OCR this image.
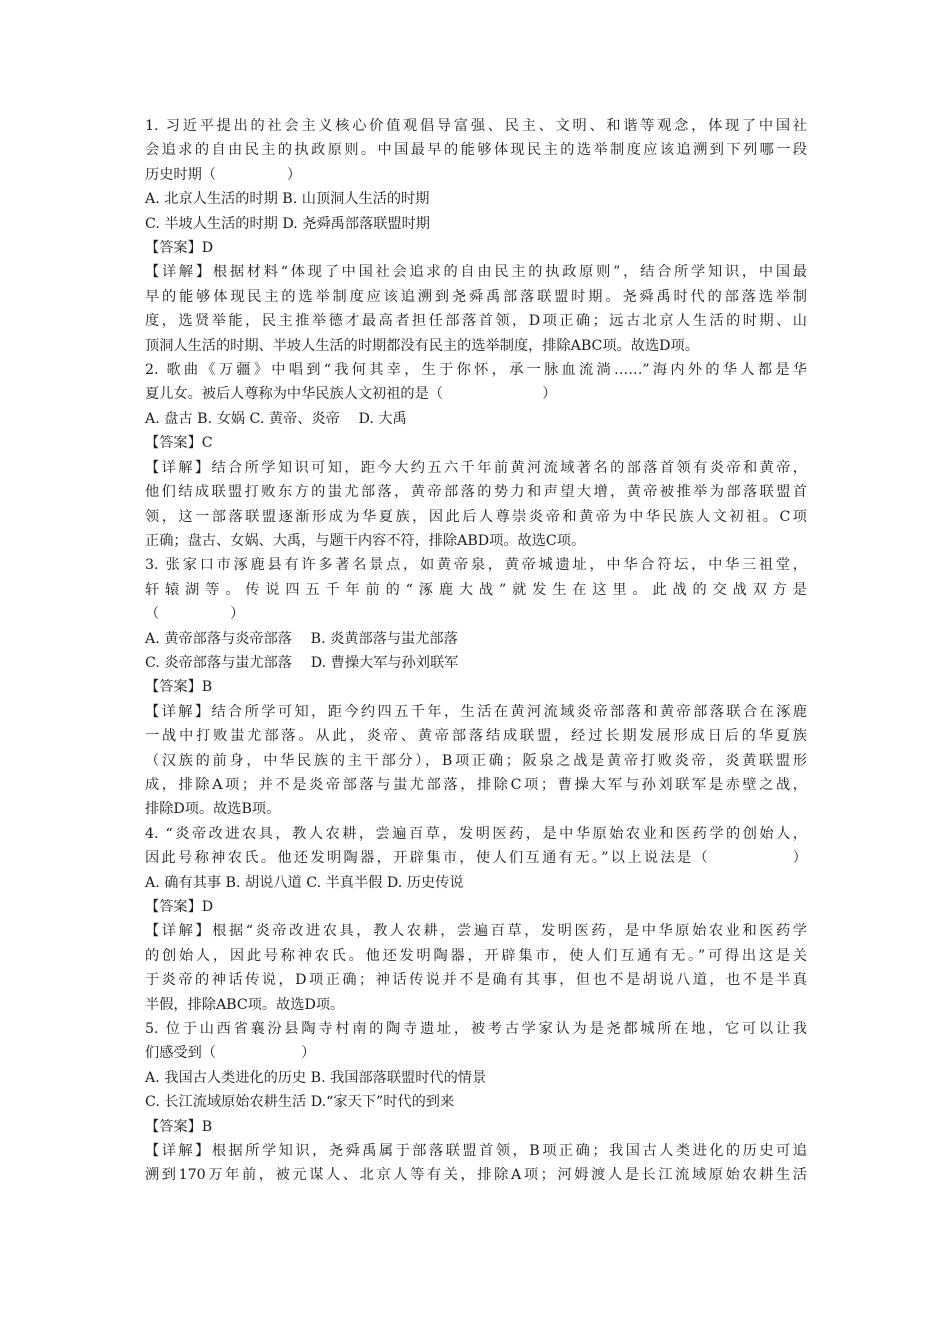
1. 习近平提出的社会主义核心价值观倡导富强、民主、文明、和谐等观念，体现了中国社

会追求的自由民主的执政原则。中国最早的能够体现民主的选举制度应该追溯到下列哪一段

历史时期（　　　　　）

A. 北京人生活的时期 B. 山顶洞人生活的时期

C. 半坡人生活的时期 D. 尧舜禹部落联盟时期

【答案】D

【详解】根据材料“体现了中国社会追求的自由民主的执政原则”，结合所学知识，中国最

早的能够体现民主的选举制度应该追溯到尧舜禹部落联盟时期。尧舜禹时代的部落选举制

度，选贤举能，民主推举德才最高者担任部落首领，D项正确；远古北京人生活的时期、山

顶洞人生活的时期、半坡人生活的时期都没有民主的选举制度，排除ABC项。故选D项。

2. 歌曲《万疆》中唱到“我何其幸，生于你怀，承一脉血流淌……”海内外的华人都是华

夏儿女。被后人尊称为中华民族人文初祖的是（　　　　　　　）

A. 盘古 B. 女娲 C. 黄帝、炎帝　 D. 大禹

【答案】C

【详解】结合所学知识可知，距今大约五六千年前黄河流域著名的部落首领有炎帝和黄帝，

他们结成联盟打败东方的蚩尤部落，黄帝部落的势力和声望大增，黄帝被推举为部落联盟首

领，这一部落联盟逐渐形成为华夏族，因此后人尊崇炎帝和黄帝为中华民族人文初祖。C项

正确；盘古、女娲、大禹，与题干内容不符，排除ABD项。故选C项。

3. 张家口市涿鹿县有许多著名景点，如黄帝泉，黄帝城遗址，中华合符坛，中华三祖堂，

轩辕湖等。传说四五千年前的“涿鹿大战”就发生在这里。此战的交战双方是

（　　　　　）

A. 黄帝部落与炎帝部落　 B. 炎黄部落与蚩尤部落

C. 炎帝部落与蚩尤部落　 D. 曹操大军与孙刘联军

【答案】B

【详解】结合所学可知，距今约四五千年，生活在黄河流域炎帝部落和黄帝部落联合在涿鹿

一战中打败蚩尤部落。从此，炎帝、黄帝部落结成联盟，经过长期发展形成日后的华夏族

（汉族的前身，中华民族的主干部分），B项正确；阪泉之战是黄帝打败炎帝，炎黄联盟形

成，排除A项；并不是炎帝部落与蚩尤部落，排除C项；曹操大军与孙刘联军是赤壁之战，

排除D项。故选B项。

4. “炎帝改进农具，教人农耕，尝遍百草，发明医药，是中华原始农业和医药学的创始人，

因此号称神农氏。他还发明陶器，开辟集市，使人们互通有无。”以上说法是（　　　　　）

A. 确有其事 B. 胡说八道 C. 半真半假 D. 历史传说

【答案】D

【详解】根据“炎帝改进农具，教人农耕，尝遍百草，发明医药，是中华原始农业和医药学

的创始人，因此号称神农氏。他还发明陶器，开辟集市，使人们互通有无。”可得出这是关

于炎帝的神话传说，D项正确；神话传说并不是确有其事，但也不是胡说八道，也不是半真

半假，排除ABC项。故选D项。

5. 位于山西省襄汾县陶寺村南的陶寺遗址，被考古学家认为是尧都城所在地，它可以让我

们感受到（　　　　　　）

A. 我国古人类进化的历史 B. 我国部落联盟时代的情景

C. 长江流域原始农耕生活 D.“家天下”时代的到来

【答案】B

【详解】根据所学知识，尧舜禹属于部落联盟首领，B项正确；我国古人类进化的历史可追

溯到170万年前，被元谋人、北京人等有关，排除A项；河姆渡人是长江流域原始农耕生活
